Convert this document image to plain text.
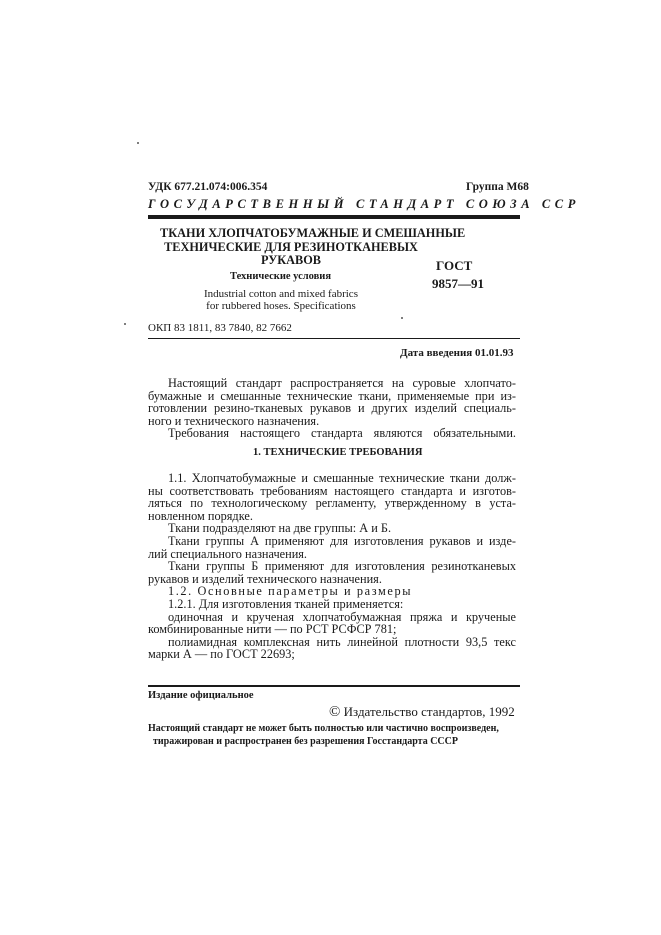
УДК 677.21.074:006.354	Группа М68
ГОСУДАРСТВЕННЫЙ СТАНДАРТ СОЮЗА ССР
ТКАНИ ХЛОПЧАТОБУМАЖНЫЕ И СМЕШАННЫЕ
ТЕХНИЧЕСКИЕ ДЛЯ РЕЗИНОТКАНЕВЫХ
РУКАВОВ
Технические условия
Industrial cotton and mixed fabrics
for rubbered hoses. Specifications
ГОСТ
9857—91
ОКП 83 1811, 83 7840, 82 7662
Дата введения 01.01.93
Настоящий стандарт распространяется на суровые хлопчато-
бумажные и смешанные технические ткани, применяемые при из-
готовлении резино-тканевых рукавов и других изделий специаль-
ного и технического назначения.
Требования настоящего стандарта являются обязательными.
1. ТЕХНИЧЕСКИЕ ТРЕБОВАНИЯ
1.1. Хлопчатобумажные и смешанные технические ткани долж-
ны соответствовать требованиям настоящего стандарта и изготов-
ляться по технологическому регламенту, утвержденному в уста-
новленном порядке.
Ткани подразделяют на две группы: А и Б.
Ткани группы А применяют для изготовления рукавов и изде-
лий специального назначения.
Ткани группы Б применяют для изготовления резинотканевых
рукавов и изделий технического назначения.
1.2. Основные параметры и размеры
1.2.1. Для изготовления тканей применяется:
одиночная и крученая хлопчатобумажная пряжа и крученые
комбинированные нити — по РСТ РСФСР 781;
полиамидная комплексная нить линейной плотности 93,5 текс
марки А — по ГОСТ 22693;
Издание официальное
© Издательство стандартов, 1992
Настоящий стандарт не может быть полностью или частично воспроизведен,
тиражирован и распространен без разрешения Госстандарта СССР
